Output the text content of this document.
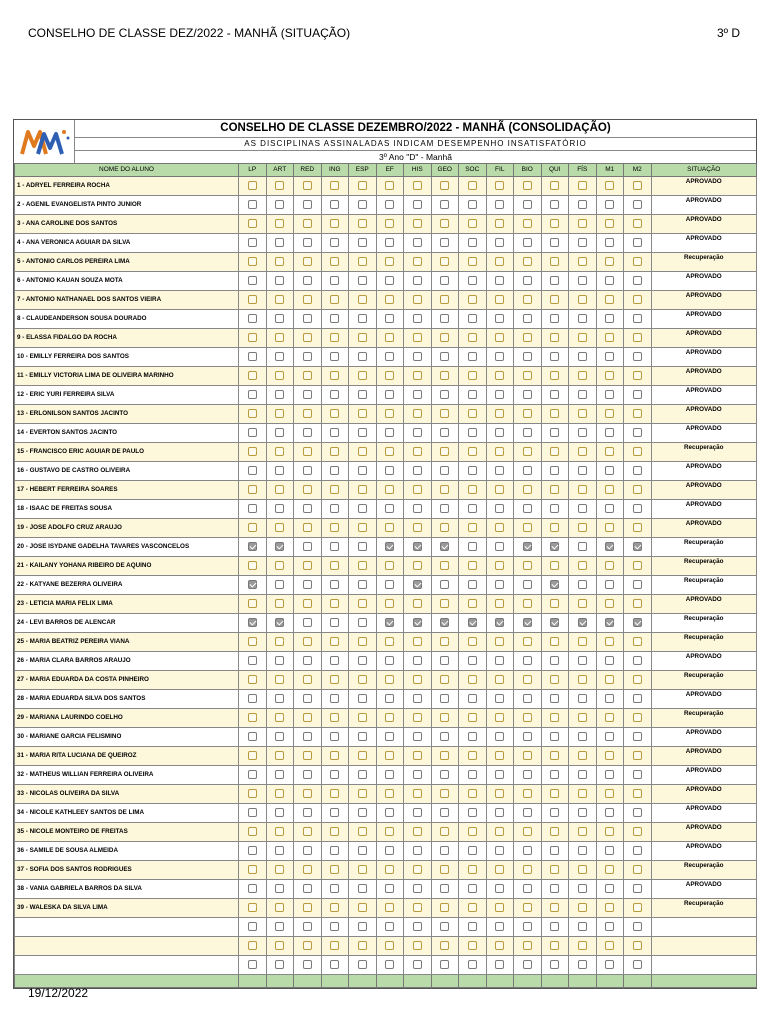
CONSELHO DE CLASSE DEZ/2022 - MANHÃ (SITUAÇÃO)	3º D
CONSELHO DE CLASSE DEZEMBRO/2022 - MANHÃ (CONSOLIDAÇÃO)
AS DISCIPLINAS ASSINALADAS INDICAM DESEMPENHO INSATISFATÓRIO
3º Ano "D" - Manhã
NOME DO ALUNO	LP	ART	RED	ING	ESP	EF	HIS	GEO	SOC	FIL	BIO	QUI	FÍS	M1	M2	SITUAÇÃO
1 - ADRYEL FERREIRA ROCHA																APROVADO
2 - AGENIL EVANGELISTA PINTO JUNIOR																APROVADO
3 - ANA CAROLINE DOS SANTOS																APROVADO
4 - ANA VERONICA AGUIAR DA SILVA																APROVADO
5 - ANTONIO CARLOS PEREIRA LIMA																Recuperação
6 - ANTONIO KAUAN SOUZA MOTA																APROVADO
7 - ANTONIO NATHANAEL DOS SANTOS VIEIRA																APROVADO
8 - CLAUDEANDERSON SOUSA DOURADO																APROVADO
9 - ELASSA FIDALGO DA ROCHA																APROVADO
10 - EMILLY FERREIRA DOS SANTOS																APROVADO
11 - EMILLY VICTORIA LIMA DE OLIVEIRA MARINHO																APROVADO
12 - ERIC YURI FERREIRA SILVA																APROVADO
13 - ERLONILSON SANTOS JACINTO																APROVADO
14 - EVERTON SANTOS JACINTO																APROVADO
15 - FRANCISCO ERIC AGUIAR DE PAULO																Recuperação
16 - GUSTAVO DE CASTRO OLIVEIRA																APROVADO
17 - HEBERT FERREIRA SOARES																APROVADO
18 - ISAAC DE FREITAS SOUSA																APROVADO
19 - JOSE ADOLFO CRUZ ARAUJO																APROVADO
20 - JOSE ISYDANE GADELHA TAVARES VASCONCELOS																Recuperação
21 - KAILANY YOHANA RIBEIRO DE AQUINO																Recuperação
22 - KATYANE BEZERRA OLIVEIRA																Recuperação
23 - LETICIA MARIA FELIX LIMA																APROVADO
24 - LEVI BARROS DE ALENCAR																Recuperação
25 - MARIA BEATRIZ PEREIRA VIANA																Recuperação
26 - MARIA CLARA BARROS ARAUJO																APROVADO
27 - MARIA EDUARDA DA COSTA PINHEIRO																Recuperação
28 - MARIA EDUARDA SILVA DOS SANTOS																APROVADO
29 - MARIANA LAURINDO COELHO																Recuperação
30 - MARIANE GARCIA FELISMINO																APROVADO
31 - MARIA RITA LUCIANA DE QUEIROZ																APROVADO
32 - MATHEUS WILLIAN FERREIRA OLIVEIRA																APROVADO
33 - NICOLAS OLIVEIRA DA SILVA																APROVADO
34 - NICOLE KATHLEEY SANTOS DE LIMA																APROVADO
35 - NICOLE MONTEIRO DE FREITAS																APROVADO
36 - SAMILE DE SOUSA ALMEIDA																APROVADO
37 - SOFIA DOS SANTOS RODRIGUES																Recuperação
38 - VANIA GABRIELA BARROS DA SILVA																APROVADO
39 - WALESKA DA SILVA LIMA																Recuperação

19/12/2022
